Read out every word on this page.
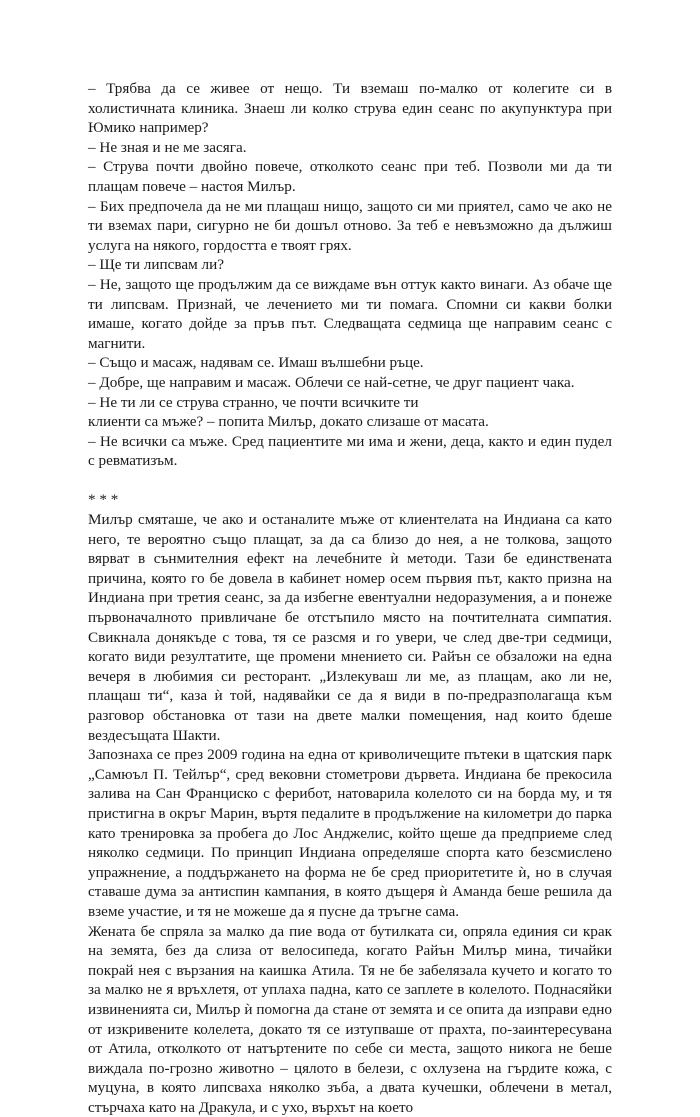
– Трябва да се живее от нещо. Ти вземаш по-малко от колегите си в холистичната клиника. Знаеш ли колко струва един сеанс по акупунктура при Юмико например?

– Не зная и не ме засяга.

– Струва почти двойно повече, отколкото сеанс при теб. Позволи ми да ти плащам повече – настоя Милър.

– Бих предпочела да не ми плащаш нищо, защото си ми приятел, само че ако не ти вземах пари, сигурно не би дошъл отново. За теб е невъзможно да дължиш услуга на някого, гордостта е твоят грях.

– Ще ти липсвам ли?

– Не, защото ще продължим да се виждаме вън оттук както винаги. Аз обаче ще ти липсвам. Признай, че лечението ми ти помага. Спомни си какви болки имаше, когато дойде за пръв път. Следващата седмица ще направим сеанс с магнити.

– Също и масаж, надявам се. Имаш вълшебни ръце.

– Добре, ще направим и масаж. Облечи се най-сетне, че друг пациент чака.

– Не ти ли се струва странно, че почти всичките ти

клиенти са мъже? – попита Милър, докато слизаше от масата.

– Не всички са мъже. Сред пациентите ми има и жени, деца, както и един пудел с ревматизъм.

* * *

Милър смяташе, че ако и останалите мъже от клиентелата на Индиана са като него, те вероятно също плащат, за да са близо до нея, а не толкова, защото вярват в сънмителния ефект на лечебните ѝ методи. Тази бе единствената причина, която го бе довела в кабинет номер осем първия път, както призна на Индиана при третия сеанс, за да избегне евентуални недоразумения, а и понеже първоначалното привличане бе отстъпило място на почтителната симпатия. Свикнала донякъде с това, тя се разсмя и го увери, че след две-три седмици, когато види резултатите, ще промени мнението си. Райън се обзаложи на една вечеря в любимия си ресторант. „Излекуваш ли ме, аз плащам, ако ли не, плащаш ти“, каза ѝ той, надявайки се да я види в по-предразполагаща към разговор обстановка от тази на двете малки помещения, над които бдеше вездесъщата Шакти.

Запознаха се през 2009 година на една от криволичещите пътеки в щатския парк „Самюъл П. Тейлър“, сред вековни стометрови дървета. Индиана бе прекосила залива на Сан Франциско с ферибот, натоварила колелото си на борда му, и тя пристигна в окръг Марин, въртя педалите в продължение на километри до парка като тренировка за пробега до Лос Анджелис, който щеше да предприеме след няколко седмици. По принцип Индиана определяше спорта като безсмислено упражнение, а поддържането на форма не бе сред приоритетите ѝ, но в случая ставаше дума за антиспин кампания, в която дъщеря ѝ Аманда беше решила да вземе участие, и тя не можеше да я пусне да тръгне сама.

Жената бе спряла за малко да пие вода от бутилката си, опряла единия си крак на земята, без да слиза от велосипеда, когато Райън Милър мина, тичайки покрай нея с вързания на каишка Атила. Тя не бе забелязала кучето и когато то за малко не я връхлетя, от уплаха падна, като се заплете в колелото. Поднасяйки извиненията си, Милър ѝ помогна да стане от земята и се опита да изправи едно от изкривените колелета, докато тя се изтупваше от прахта, по-заинтересувана от Атила, отколкото от натъртените по себе си места, защото никога не беше виждала по-грозно животно – цялото в белези, с охлузена на гърдите кожа, с муцуна, в която липсваха няколко зъба, а двата кучешки, облечени в метал, стърчаха като на Дракула, и с ухо, върхът на което
